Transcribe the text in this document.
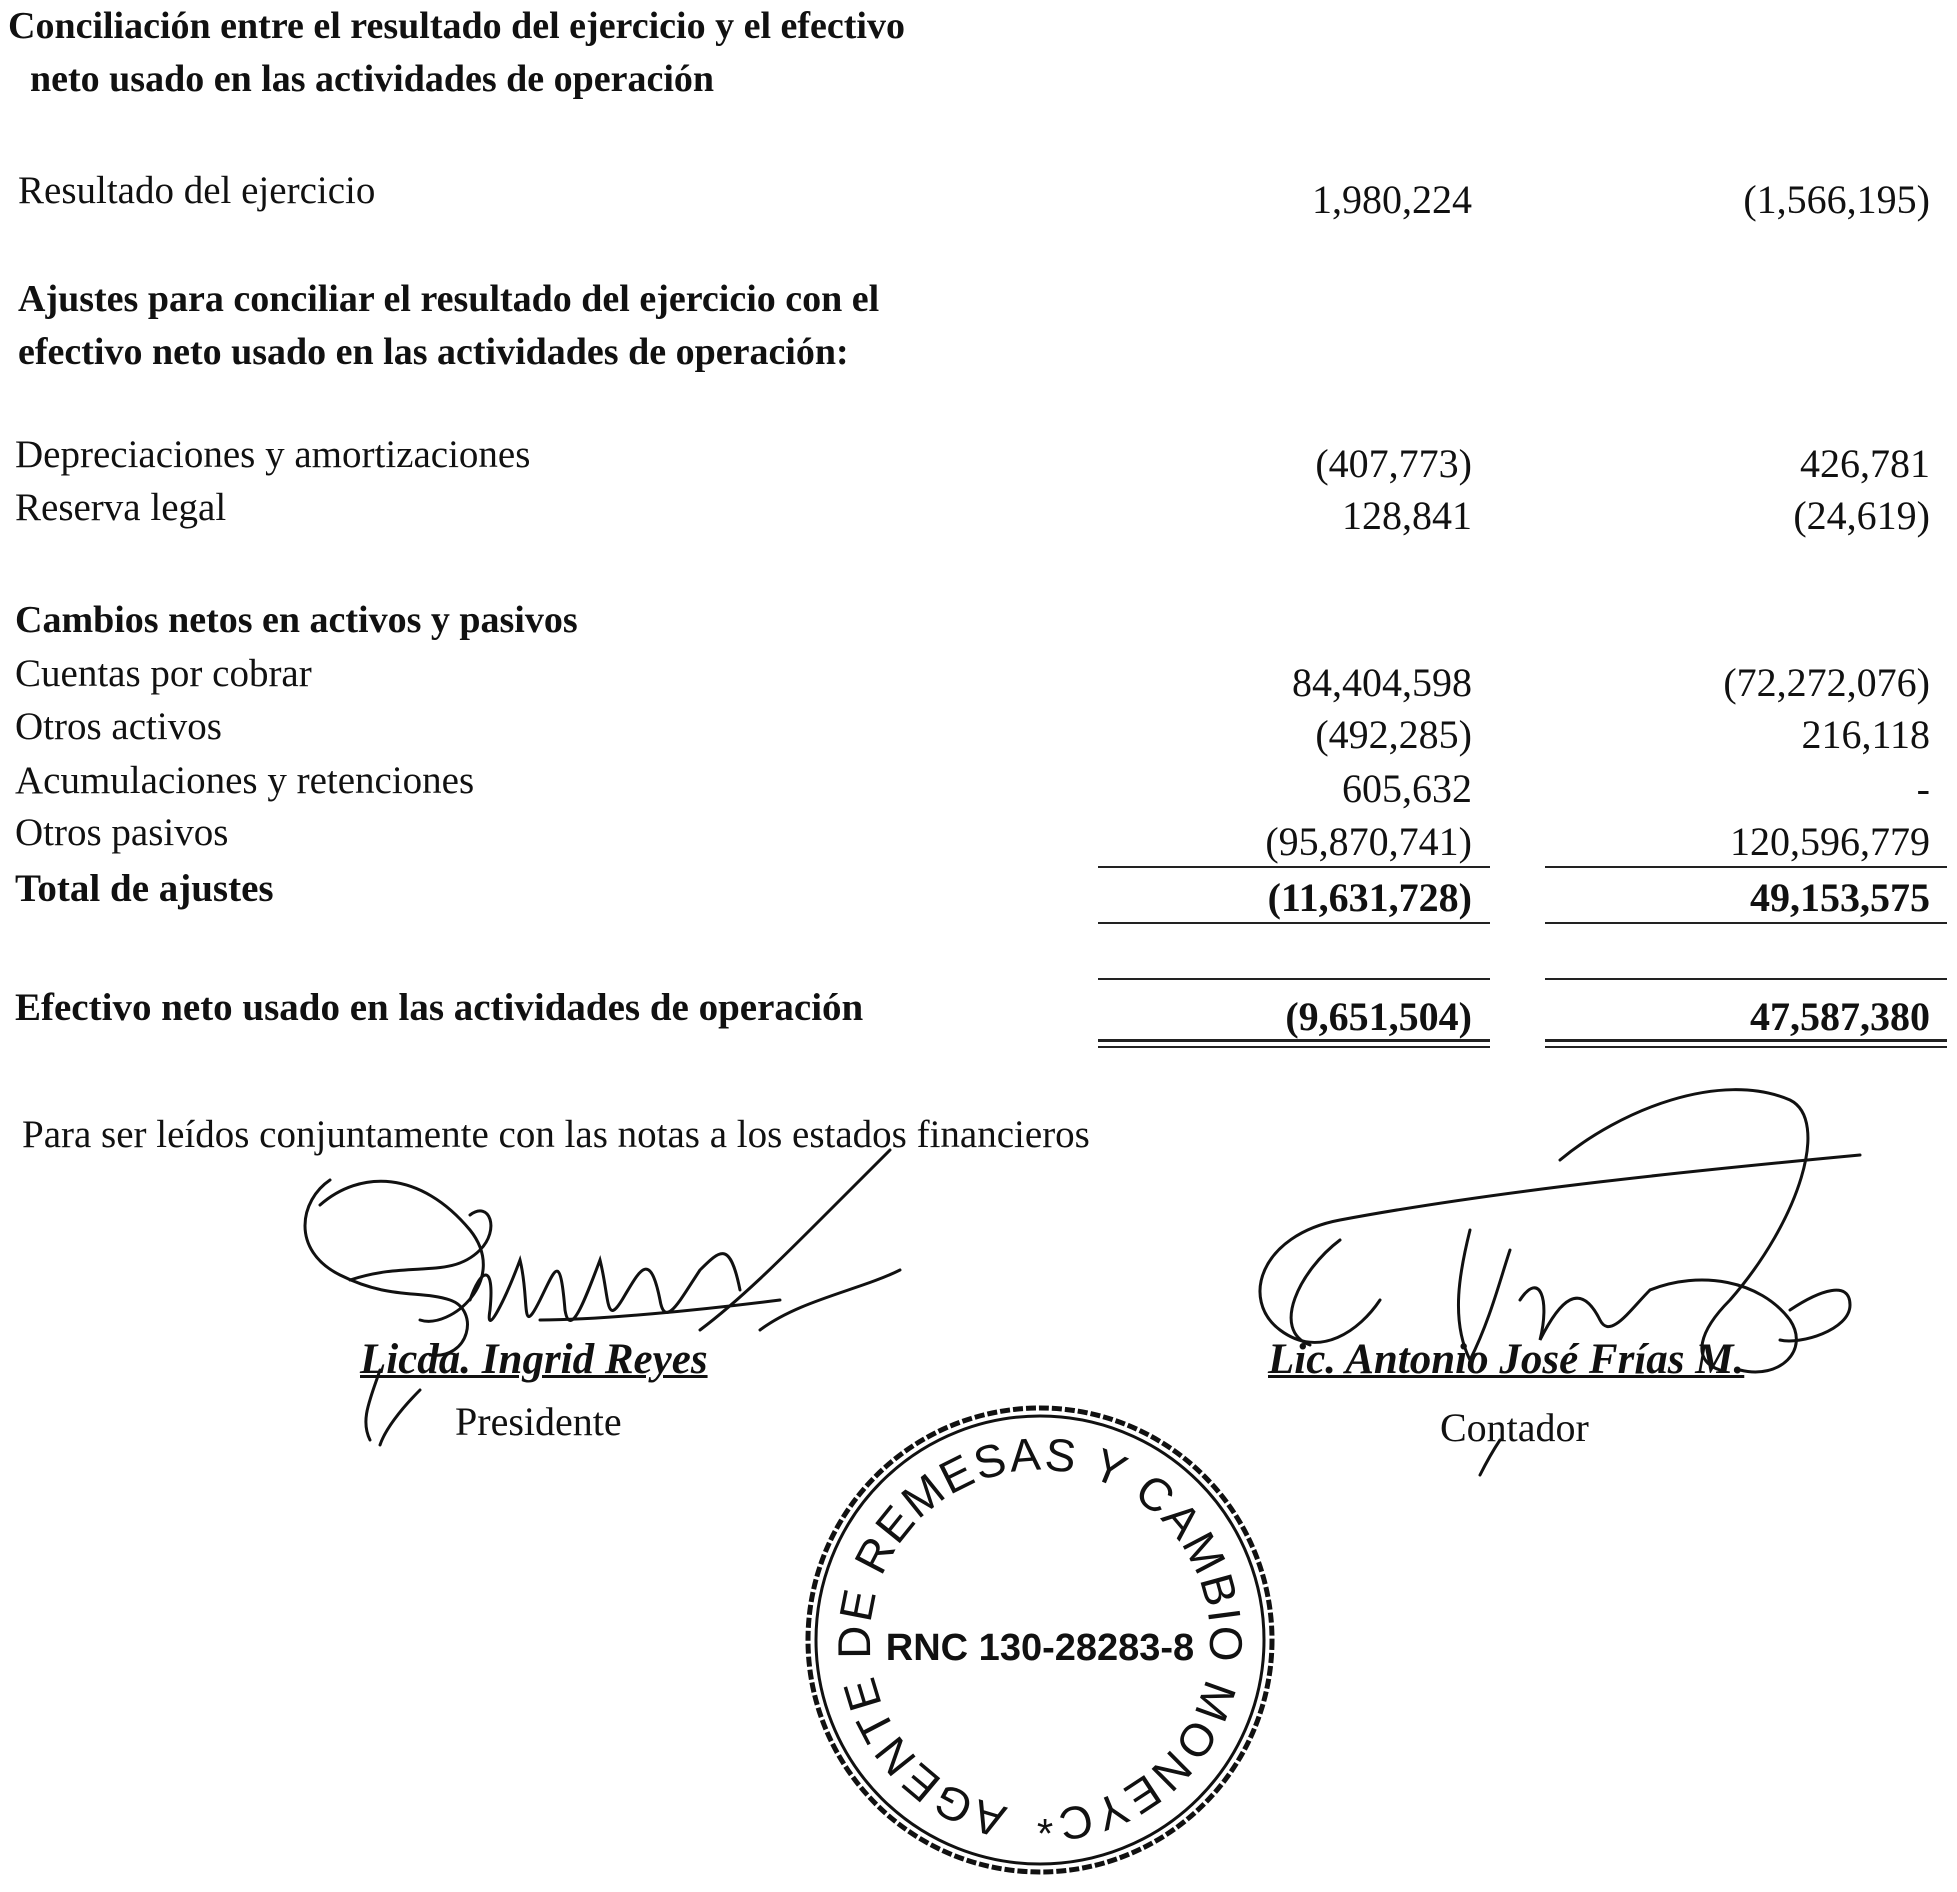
Conciliación entre el resultado del ejercicio y el efectivo
neto usado en las actividades de operación
Resultado del ejercicio	1,980,224	(1,566,195)
Ajustes para conciliar el resultado del ejercicio con el
efectivo neto usado en las actividades de operación:
Depreciaciones y amortizaciones	(407,773)	426,781
Reserva legal	128,841	(24,619)
Cambios netos en activos y pasivos
Cuentas por cobrar	84,404,598	(72,272,076)
Otros activos	(492,285)	216,118
Acumulaciones y retenciones	605,632	-
Otros pasivos	(95,870,741)	120,596,779
Total de ajustes	(11,631,728)	49,153,575
Efectivo neto usado en las actividades de operación	(9,651,504)	47,587,380
Para ser leídos conjuntamente con las notas a los estados financieros
Licda. Ingrid Reyes
Presidente
Lic. Antonio José Frías M.
Contador
AGENTE DE REMESAS Y CAMBIO MONEYCORPS, I.R.S.A
RNC 130-28283-8
*
